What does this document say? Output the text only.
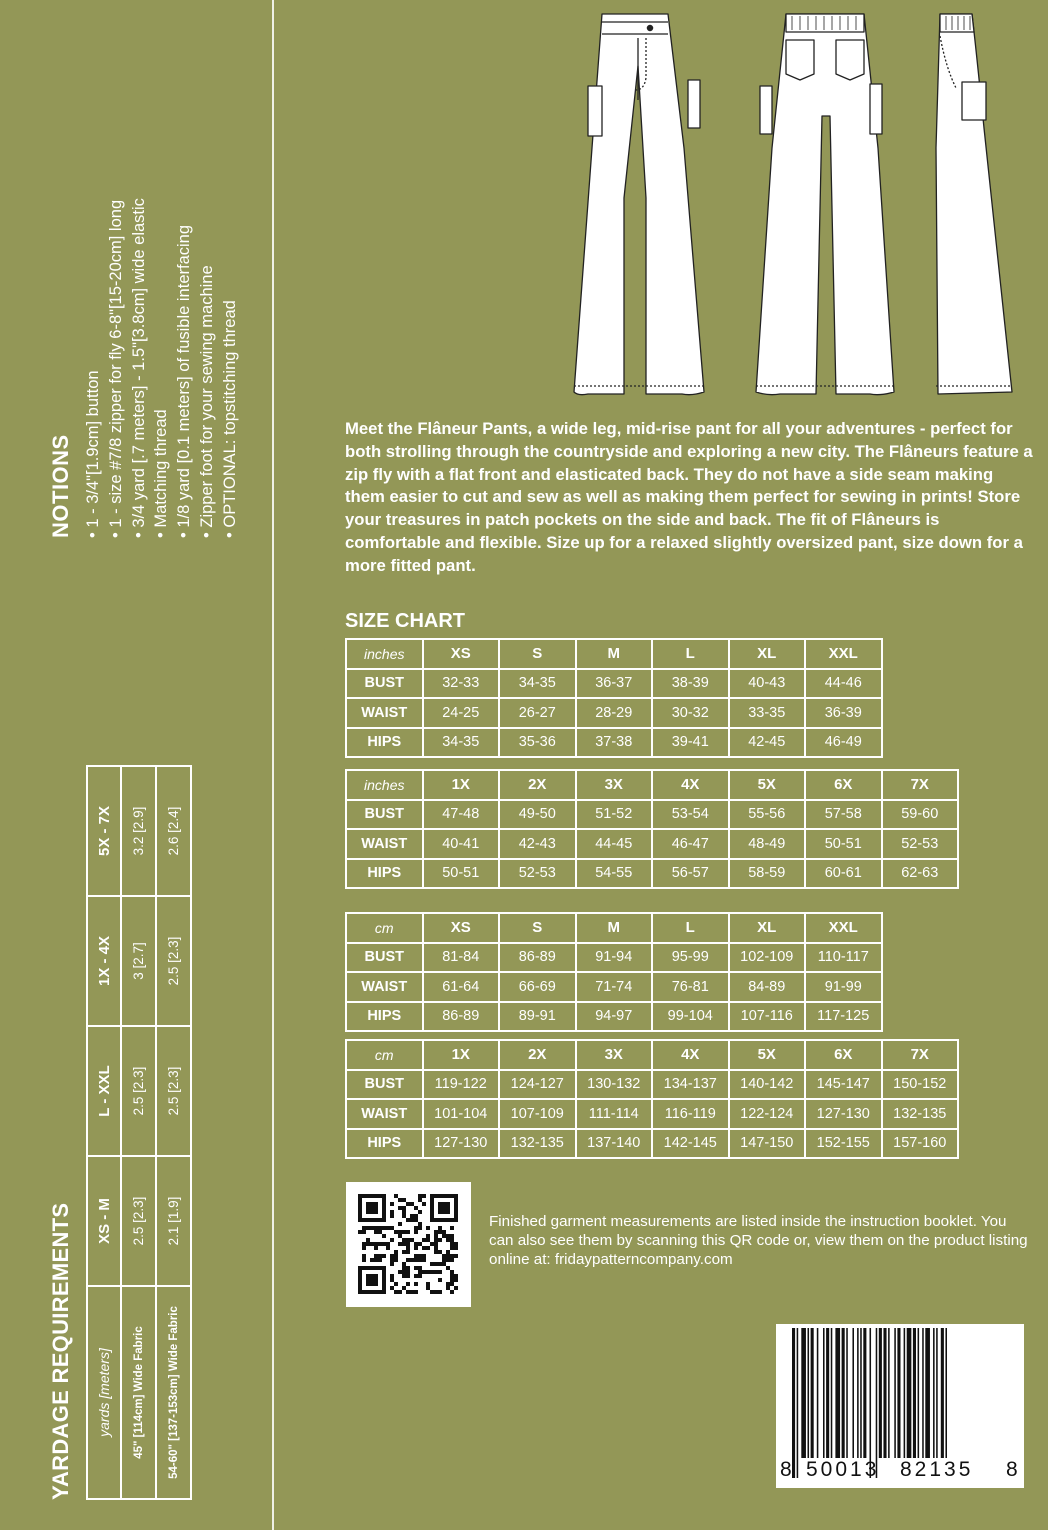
NOTIONS • 1 - 3/4"[1.9cm] button • 1 - size #7/8 zipper for fly 6-8"[15-20cm] long • 3/4 yard [.7 meters] - 1.5"[3.8cm] wide elastic • Matching thread • 1/8 yard [0.1 meters] of fusible interfacing • Zipper foot for your sewing machine • OPTIONAL: topstitching thread
YARDAGE REQUIREMENTS yards [meters]	XS - M	L - XXL	1X - 4X	5X - 7X
45" [114cm] Wide Fabric	2.5 [2.3]	2.5 [2.3]	3 [2.7]	3.2 [2.9]
54-60" [137-153cm] Wide Fabric	2.1 [1.9]	2.5 [2.3]	2.5 [2.3]	2.6 [2.4]
Meet the Flâneur Pants, a wide leg, mid-rise pant for all your adventures - perfect for both strolling through the countryside and exploring a new city. The Flâneurs feature a zip fly with a flat front and elasticated back. They do not have a side seam making them easier to cut and sew as well as making them perfect for sewing in prints! Store your treasures in patch pockets on the side and back. The fit of Flâneurs is comfortable and flexible. Size up for a relaxed slightly oversized pant, size down for a more fitted pant.
SIZE CHART
inches	XS	S	M	L	XL	XXL
BUST	32-33	34-35	36-37	38-39	40-43	44-46
WAIST	24-25	26-27	28-29	30-32	33-35	36-39
HIPS	34-35	35-36	37-38	39-41	42-45	46-49
inches	1X	2X	3X	4X	5X	6X	7X
BUST	47-48	49-50	51-52	53-54	55-56	57-58	59-60
WAIST	40-41	42-43	44-45	46-47	48-49	50-51	52-53
HIPS	50-51	52-53	54-55	56-57	58-59	60-61	62-63
cm	XS	S	M	L	XL	XXL
BUST	81-84	86-89	91-94	95-99	102-109	110-117
WAIST	61-64	66-69	71-74	76-81	84-89	91-99
HIPS	86-89	89-91	94-97	99-104	107-116	117-125
cm	1X	2X	3X	4X	5X	6X	7X
BUST	119-122	124-127	130-132	134-137	140-142	145-147	150-152
WAIST	101-104	107-109	111-114	116-119	122-124	127-130	132-135
HIPS	127-130	132-135	137-140	142-145	147-150	152-155	157-160
Finished garment measurements are listed inside the instruction booklet. You can also see them by scanning this QR code or, view them on the product listing online at: fridaypatterncompany.com
8 50013 82135 8
